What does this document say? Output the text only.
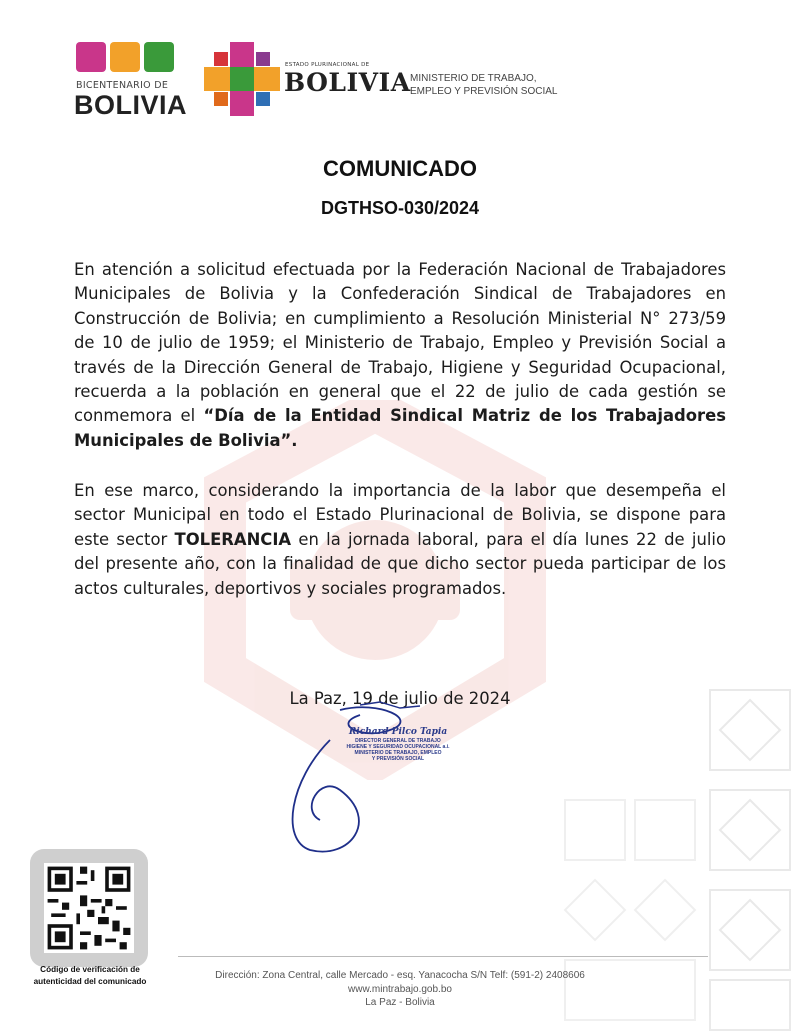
BICENTENARIO DE
BOLIVIA
ESTADO PLURINACIONAL DE
BOLIVIA MINISTERIO DE TRABAJO,
EMPLEO Y PREVISIÓN SOCIAL
COMUNICADO
DGTHSO-030/2024

En atención a solicitud efectuada por la Federación Nacional de Trabajadores Municipales de Bolivia y la Confederación Sindical de Trabajadores en Construcción de Bolivia; en cumplimiento a Resolución Ministerial N° 273/59 de 10 de julio de 1959; el Ministerio de Trabajo, Empleo y Previsión Social a través de la Dirección General de Trabajo, Higiene y Seguridad Ocupacional, recuerda a la población en general que el 22 de julio de cada gestión se conmemora el “Día de la Entidad Sindical Matriz de los Trabajadores Municipales de Bolivia”.

En ese marco, considerando la importancia de la labor que desempeña el sector Municipal en todo el Estado Plurinacional de Bolivia, se dispone para este sector TOLERANCIA en la jornada laboral, para el día lunes 22 de julio del presente año, con la finalidad de que dicho sector pueda participar de los actos culturales, deportivos y sociales programados.

La Paz, 19 de julio de 2024
Richard Pilco Tapia
DIRECTOR GENERAL DE TRABAJO
HIGIENE Y SEGURIDAD OCUPACIONAL a.i.
MINISTERIO DE TRABAJO, EMPLEO
Y PREVISIÓN SOCIAL
Código de verificación de
autenticidad del comunicado
Dirección: Zona Central, calle Mercado - esq. Yanacocha S/N Telf: (591-2) 2408606
www.mintrabajo.gob.bo
La Paz - Bolivia
